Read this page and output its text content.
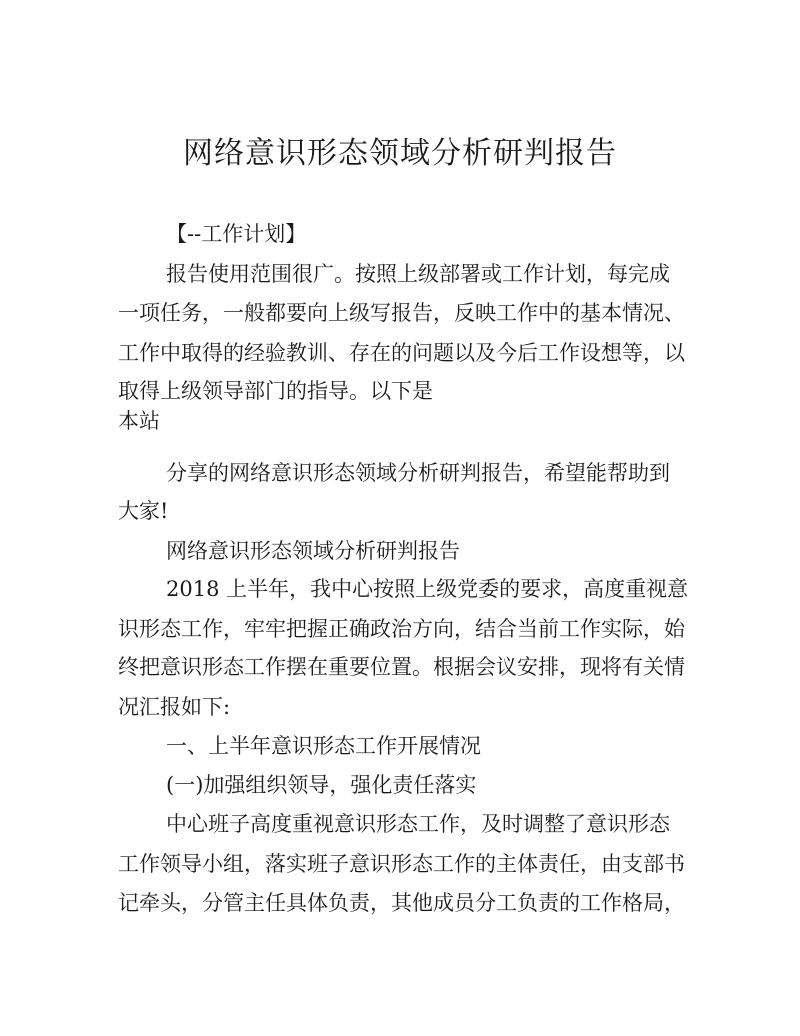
网络意识形态领域分析研判报告
【--工作计划】
报告使用范围很广。按照上级部署或工作计划，每完成
一项任务，一般都要向上级写报告，反映工作中的基本情况、
工作中取得的经验教训、存在的问题以及今后工作设想等，以
取得上级领导部门的指导。以下是
本站
分享的网络意识形态领域分析研判报告，希望能帮助到
大家!
网络意识形态领域分析研判报告
2018 上半年，我中心按照上级党委的要求，高度重视意
识形态工作，牢牢把握正确政治方向，结合当前工作实际，始
终把意识形态工作摆在重要位置。根据会议安排，现将有关情
况汇报如下:
一、上半年意识形态工作开展情况
(一)加强组织领导，强化责任落实
中心班子高度重视意识形态工作，及时调整了意识形态
工作领导小组，落实班子意识形态工作的主体责任，由支部书
记牵头，分管主任具体负责，其他成员分工负责的工作格局，
